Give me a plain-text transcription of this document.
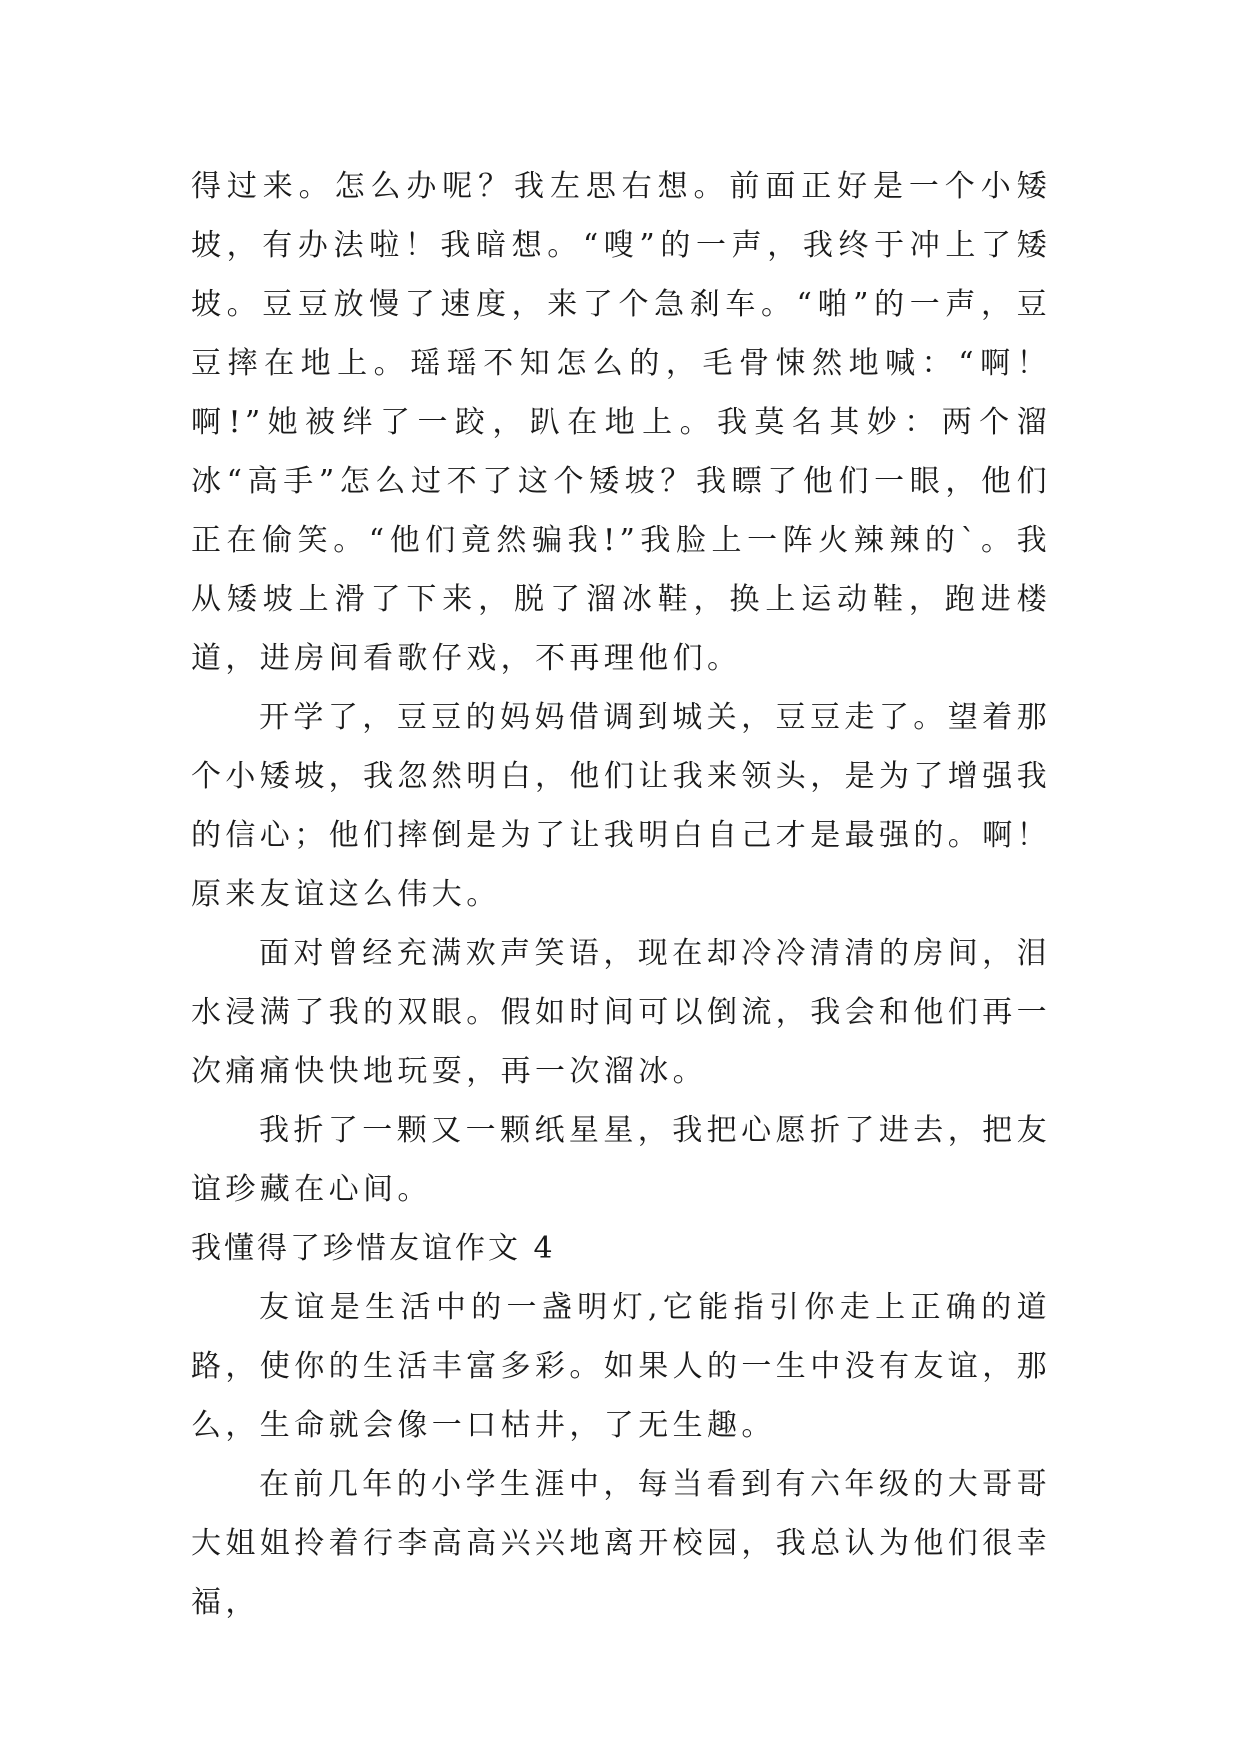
得过来。怎么办呢？我左思右想。前面正好是一个小矮坡，有办法啦！我暗想。“嗖”的一声，我终于冲上了矮坡。豆豆放慢了速度，来了个急刹车。“啪”的一声，豆豆摔在地上。瑶瑶不知怎么的，毛骨悚然地喊：“啊！啊!”她被绊了一跤，趴在地上。我莫名其妙：两个溜冰“高手”怎么过不了这个矮坡？我瞟了他们一眼，他们正在偷笑。“他们竟然骗我!”我脸上一阵火辣辣的`。我从矮坡上滑了下来，脱了溜冰鞋，换上运动鞋，跑进楼道，进房间看歌仔戏，不再理他们。

开学了，豆豆的妈妈借调到城关，豆豆走了。望着那个小矮坡，我忽然明白，他们让我来领头，是为了增强我的信心；他们摔倒是为了让我明白自己才是最强的。啊！原来友谊这么伟大。

面对曾经充满欢声笑语，现在却冷冷清清的房间，泪水浸满了我的双眼。假如时间可以倒流，我会和他们再一次痛痛快快地玩耍，再一次溜冰。

我折了一颗又一颗纸星星，我把心愿折了进去，把友谊珍藏在心间。

我懂得了珍惜友谊作文 4

友谊是生活中的一盏明灯,它能指引你走上正确的道路，使你的生活丰富多彩。如果人的一生中没有友谊，那么，生命就会像一口枯井，了无生趣。

在前几年的小学生涯中，每当看到有六年级的大哥哥大姐姐拎着行李高高兴兴地离开校园，我总认为他们很幸福，
